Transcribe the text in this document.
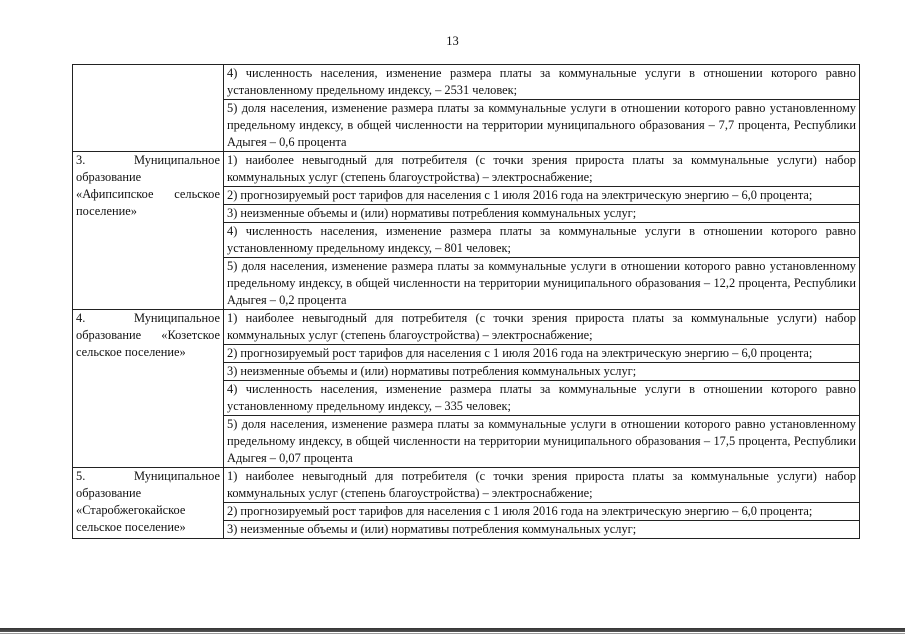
13

	4) численность населения, изменение размера платы за коммунальные услуги в отношении которого равно установленному предельному индексу, – 2531 человек;
5) доля населения, изменение размера платы за коммунальные услуги в отношении которого равно установленному предельному индексу, в общей численности на территории муниципального образования – 7,7 процента, Республики Адыгея – 0,6 процента

3. Муниципальное образование «Афипсипское сельское поселение»	1) наиболее невыгодный для потребителя (с точки зрения прироста платы за коммунальные услуги) набор коммунальных услуг (степень благоустройства) – электроснабжение;
2) прогнозируемый рост тарифов для населения с 1 июля 2016 года на электрическую энергию – 6,0 процента;
3) неизменные объемы и (или) нормативы потребления коммунальных услуг;
4) численность населения, изменение размера платы за коммунальные услуги в отношении которого равно установленному предельному индексу, – 801 человек;
5) доля населения, изменение размера платы за коммунальные услуги в отношении которого равно установленному предельному индексу, в общей численности на территории муниципального образования – 12,2 процента, Республики Адыгея – 0,2 процента

4. Муниципальное образование «Козетское сельское поселение»	1) наиболее невыгодный для потребителя (с точки зрения прироста платы за коммунальные услуги) набор коммунальных услуг (степень благоустройства) – электроснабжение;
2) прогнозируемый рост тарифов для населения с 1 июля 2016 года на электрическую энергию – 6,0 процента;
3) неизменные объемы и (или) нормативы потребления коммунальных услуг;
4) численность населения, изменение размера платы за коммунальные услуги в отношении которого равно установленному предельному индексу, – 335 человек;
5) доля населения, изменение размера платы за коммунальные услуги в отношении которого равно установленному предельному индексу, в общей численности на территории муниципального образования – 17,5 процента, Республики Адыгея – 0,07 процента

5. Муниципальное образование «Старобжегокайское сельское поселение»	1) наиболее невыгодный для потребителя (с точки зрения прироста платы за коммунальные услуги) набор коммунальных услуг (степень благоустройства) – электроснабжение;
2) прогнозируемый рост тарифов для населения с 1 июля 2016 года на электрическую энергию – 6,0 процента;
3) неизменные объемы и (или) нормативы потребления коммунальных услуг;
